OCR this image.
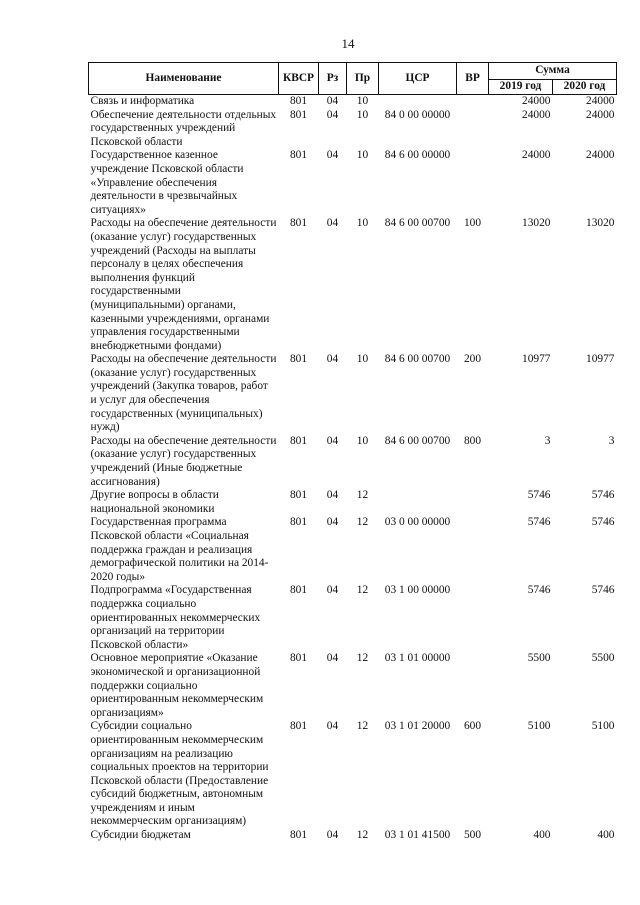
14
Наименование	КВСР	Рз	Пр	ЦСР	ВР	Сумма	
						2019 год	2020 год
Связь и информатика	801	04	10			24000	24000
Обеспечение деятельности отдельных государственных учреждений Псковской области	801	04	10	84 0 00 00000		24000	24000
Государственное казенное учреждение Псковской области «Управление обеспечения деятельности в чрезвычайных ситуациях»	801	04	10	84 6 00 00000		24000	24000
Расходы на обеспечение деятельности (оказание услуг) государственных учреждений (Расходы на выплаты персоналу в целях обеспечения выполнения функций государственными (муниципальными) органами, казенными учреждениями, органами управления государственными внебюджетными фондами)	801	04	10	84 6 00 00700	100	13020	13020
Расходы на обеспечение деятельности (оказание услуг) государственных учреждений (Закупка товаров, работ и услуг для обеспечения государственных (муниципальных) нужд)	801	04	10	84 6 00 00700	200	10977	10977
Расходы на обеспечение деятельности (оказание услуг) государственных учреждений (Иные бюджетные ассигнования)	801	04	10	84 6 00 00700	800	3	3
Другие вопросы в области национальной экономики	801	04	12			5746	5746
Государственная программа Псковской области «Социальная поддержка граждан и реализация демографической политики на 2014-2020 годы»	801	04	12	03 0 00 00000		5746	5746
Подпрограмма «Государственная поддержка социально ориентированных некоммерческих организаций на территории Псковской области»	801	04	12	03 1 00 00000		5746	5746
Основное мероприятие «Оказание экономической и организационной поддержки социально ориентированным некоммерческим организациям»	801	04	12	03 1 01 00000		5500	5500
Субсидии социально ориентированным некоммерческим организациям на реализацию социальных проектов на территории Псковской области (Предоставление субсидий бюджетным, автономным учреждениям и иным некоммерческим организациям)	801	04	12	03 1 01 20000	600	5100	5100
Субсидии бюджетам	801	04	12	03 1 01 41500	500	400	400
